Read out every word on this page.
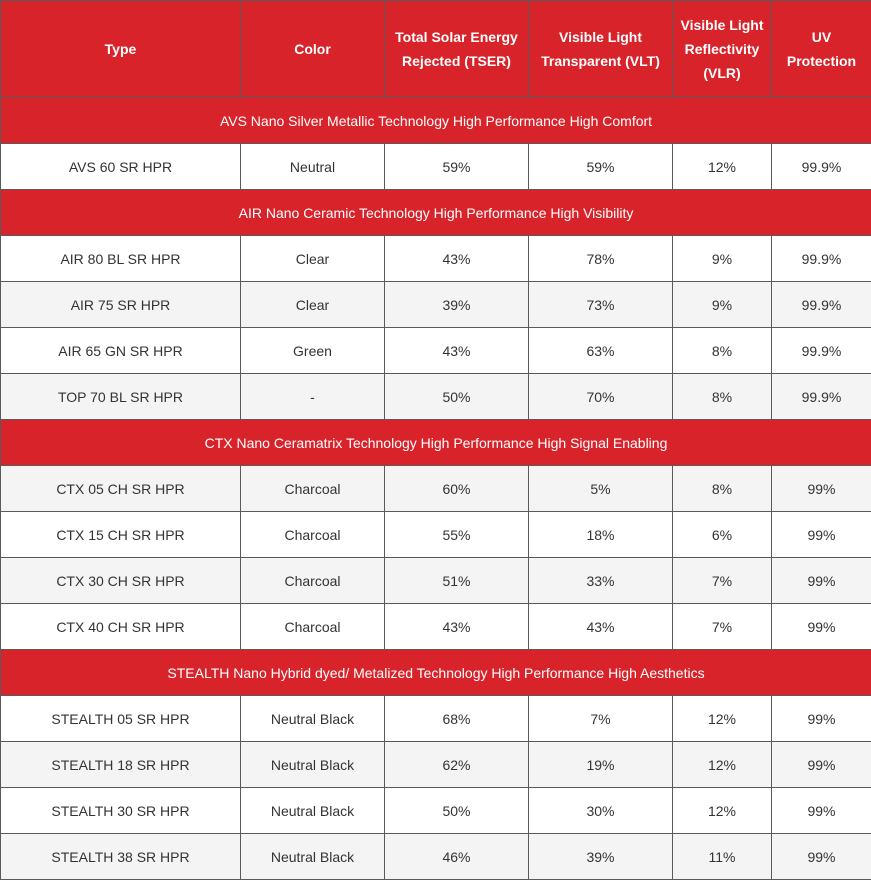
Type	Color	Total Solar Energy Rejected (TSER)	Visible Light Transparent (VLT)	Visible Light Reflectivity (VLR)	UV Protection
AVS Nano Silver Metallic Technology High Performance High Comfort					
AVS 60 SR HPR	Neutral	59%	59%	12%	99.9%
AIR Nano Ceramic Technology High Performance High Visibility					
AIR 80 BL SR HPR	Clear	43%	78%	9%	99.9%
AIR 75 SR HPR	Clear	39%	73%	9%	99.9%
AIR 65 GN SR HPR	Green	43%	63%	8%	99.9%
TOP 70 BL SR HPR	-	50%	70%	8%	99.9%
CTX Nano Ceramatrix Technology High Performance High Signal Enabling					
CTX 05 CH SR HPR	Charcoal	60%	5%	8%	99%
CTX 15 CH SR HPR	Charcoal	55%	18%	6%	99%
CTX 30 CH SR HPR	Charcoal	51%	33%	7%	99%
CTX 40 CH SR HPR	Charcoal	43%	43%	7%	99%
STEALTH Nano Hybrid dyed/ Metalized Technology High Performance High Aesthetics					
STEALTH 05 SR HPR	Neutral Black	68%	7%	12%	99%
STEALTH 18 SR HPR	Neutral Black	62%	19%	12%	99%
STEALTH 30 SR HPR	Neutral Black	50%	30%	12%	99%
STEALTH 38 SR HPR	Neutral Black	46%	39%	11%	99%
